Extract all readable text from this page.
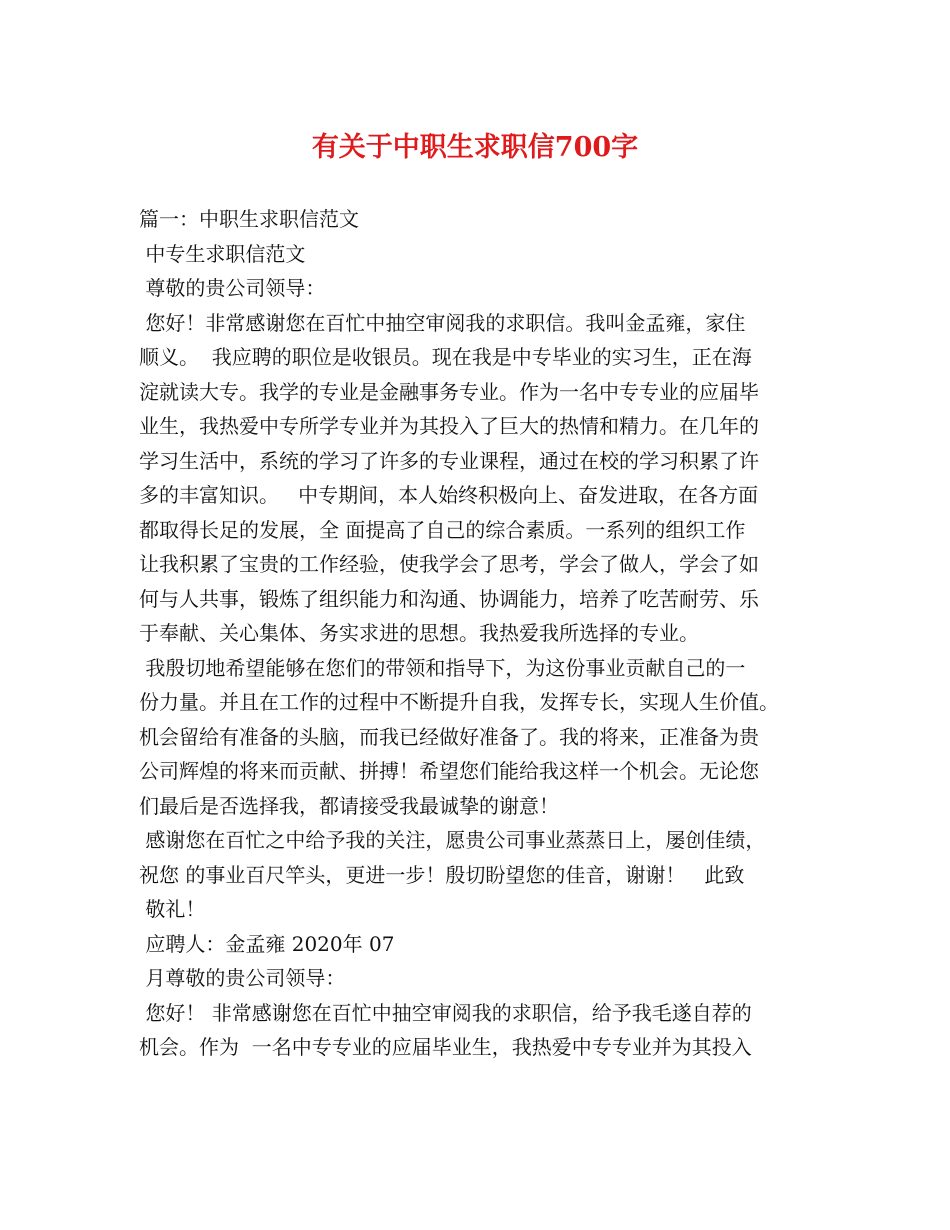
有关于中职生求职信700字
篇一：中职生求职信范文
中专生求职信范文
尊敬的贵公司领导：
您好！非常感谢您在百忙中抽空审阅我的求职信。我叫金孟雍，家住
顺义。  我应聘的职位是收银员。现在我是中专毕业的实习生，正在海
淀就读大专。我学的专业是金融事务专业。作为一名中专专业的应届毕
业生，我热爱中专所学专业并为其投入了巨大的热情和精力。在几年的
学习生活中，系统的学习了许多的专业课程，通过在校的学习积累了许
多的丰富知识。   中专期间，本人始终积极向上、奋发进取，在各方面
都取得长足的发展，全 面提高了自己的综合素质。一系列的组织工作
让我积累了宝贵的工作经验，使我学会了思考，学会了做人，学会了如
何与人共事，锻炼了组织能力和沟通、协调能力，培养了吃苦耐劳、乐
于奉献、关心集体、务实求进的思想。我热爱我所选择的专业。
我殷切地希望能够在您们的带领和指导下，为这份事业贡献自己的一
份力量。并且在工作的过程中不断提升自我，发挥专长，实现人生价值。
机会留给有准备的头脑，而我已经做好准备了。我的将来，正准备为贵
公司辉煌的将来而贡献、拼搏！希望您们能给我这样一个机会。无论您
们最后是否选择我，都请接受我最诚挚的谢意！
感谢您在百忙之中给予我的关注，愿贵公司事业蒸蒸日上，屡创佳绩，
祝您 的事业百尺竿头，更进一步！殷切盼望您的佳音，谢谢！   此致
敬礼！
应聘人：金孟雍 2020年 07
月尊敬的贵公司领导：
您好！ 非常感谢您在百忙中抽空审阅我的求职信，给予我毛遂自荐的
机会。作为  一名中专专业的应届毕业生，我热爱中专专业并为其投入
